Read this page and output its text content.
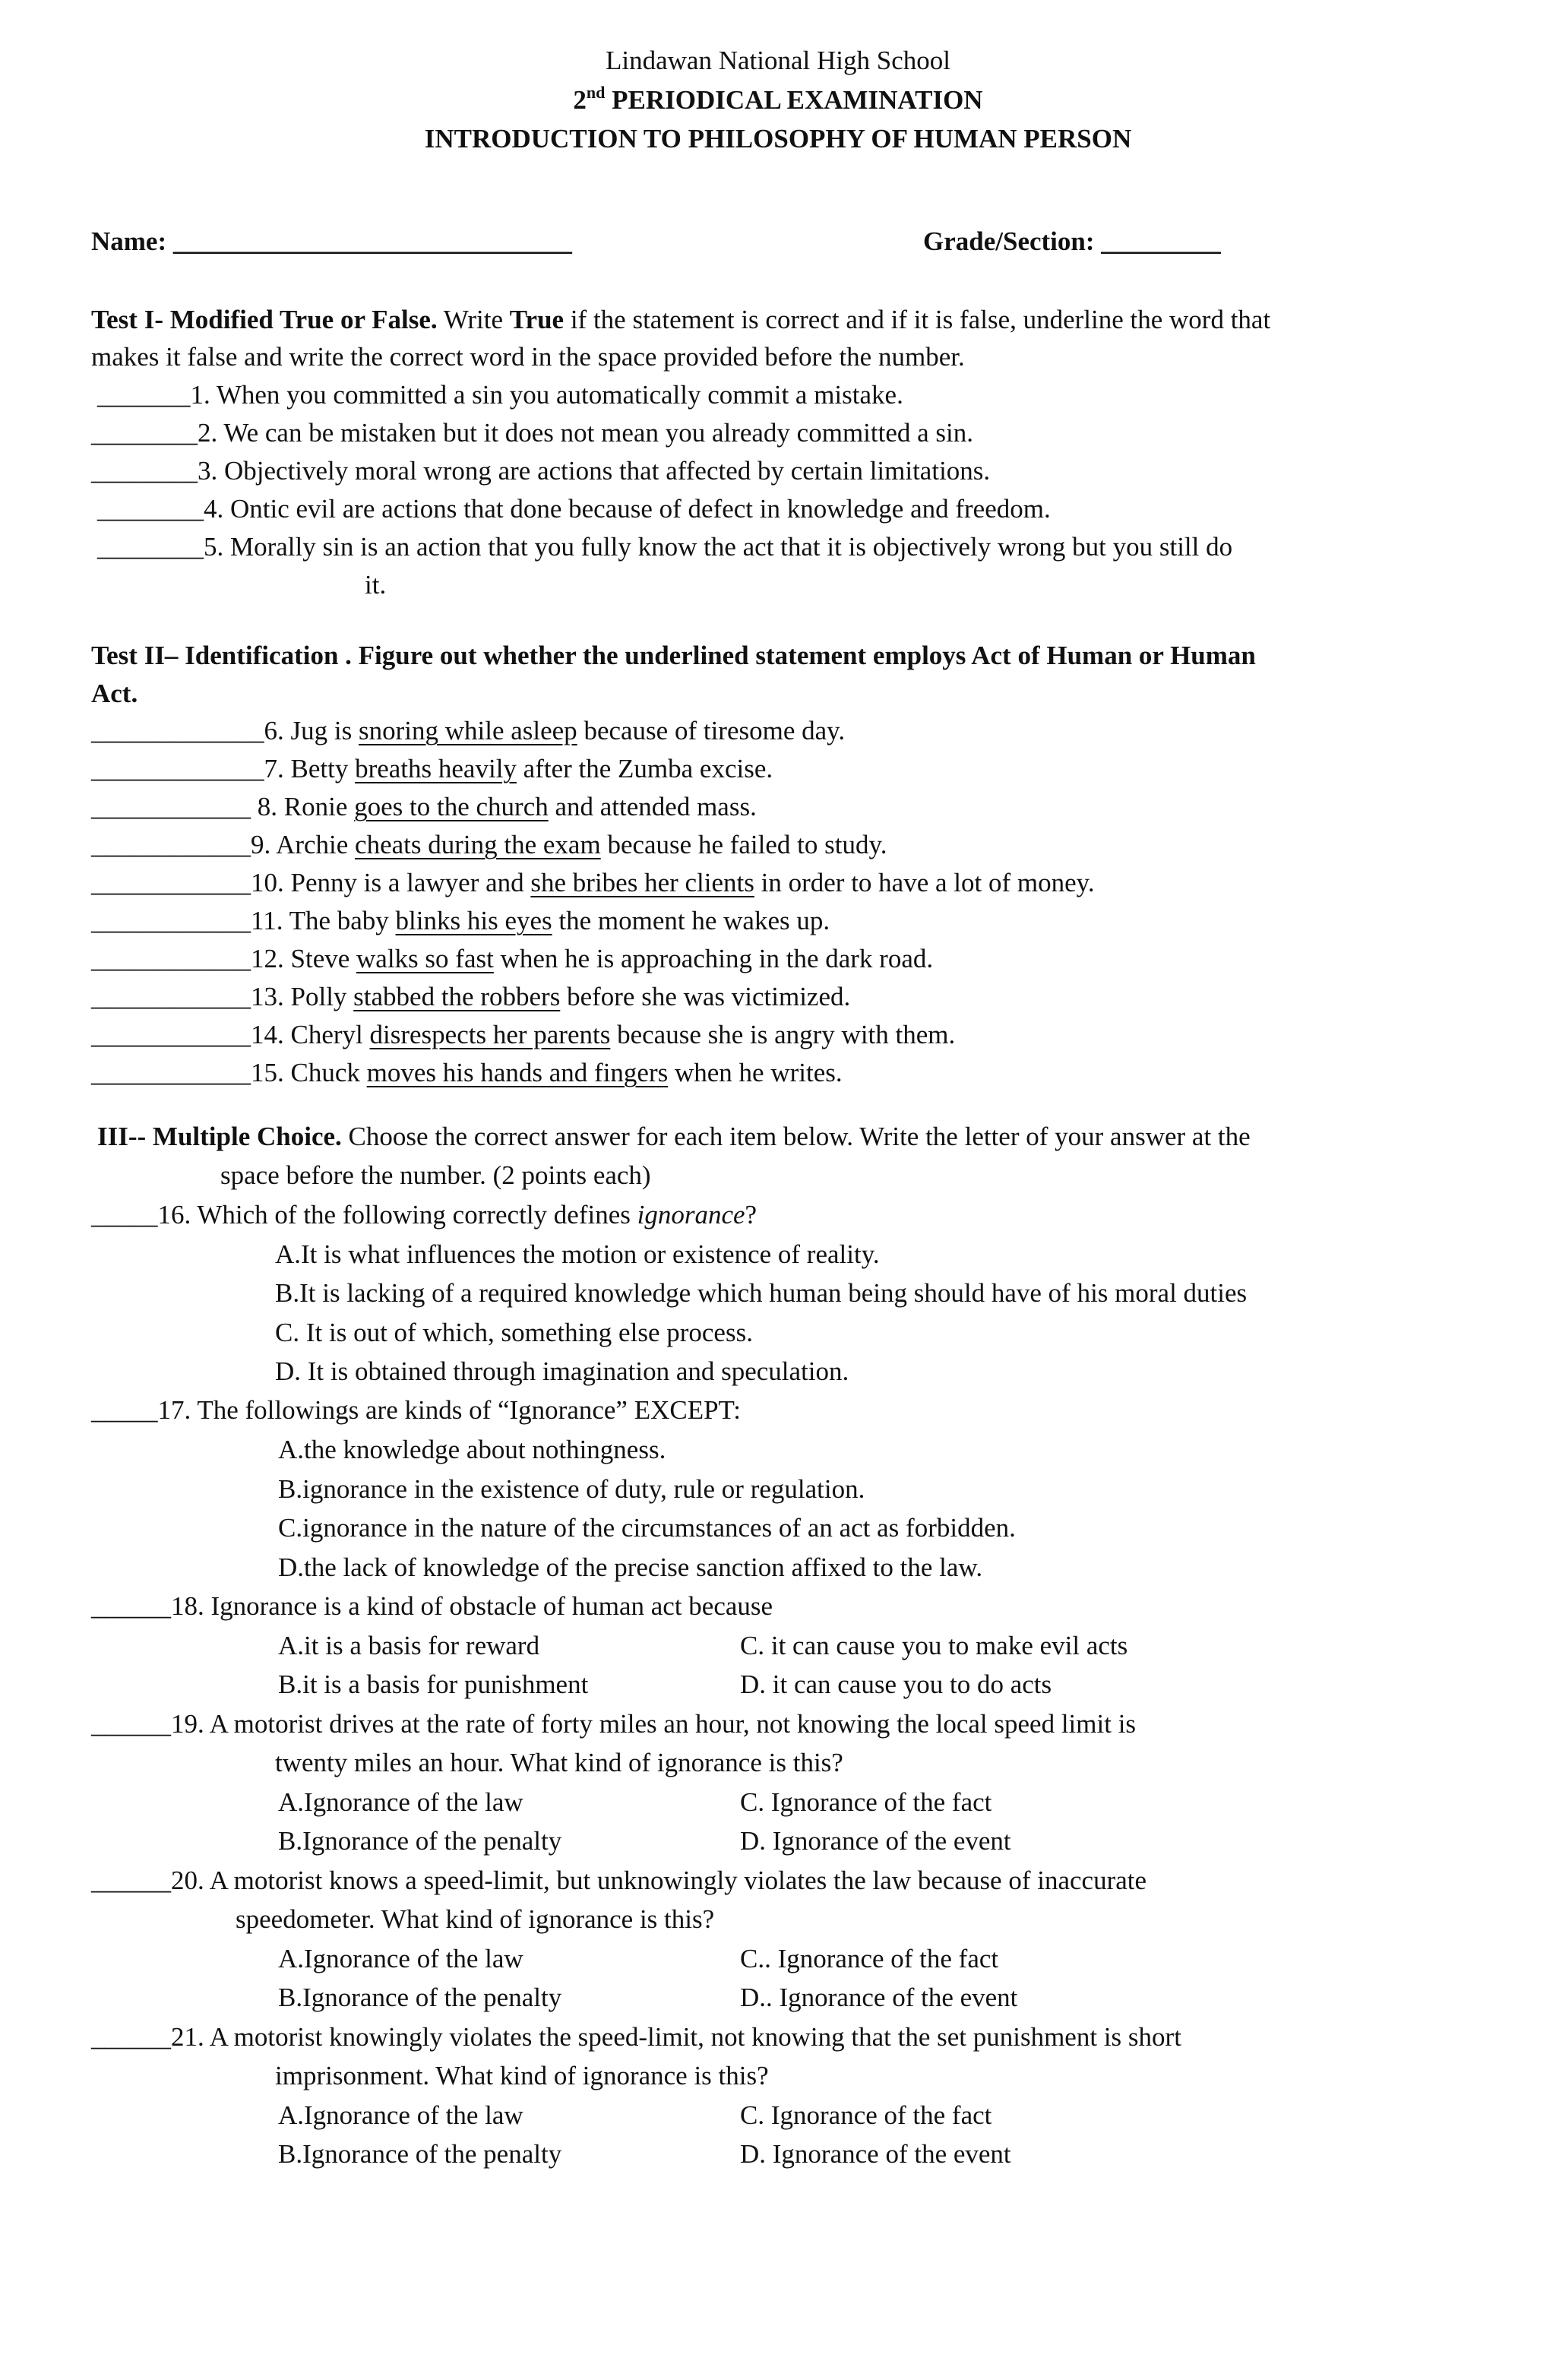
Lindawan National High School
2nd PERIODICAL EXAMINATION
INTRODUCTION TO PHILOSOPHY OF HUMAN PERSON
Name: ______________________________	Grade/Section: _________
Test I- Modified True or False. Write True if the statement is correct and if it is false, underline the word that
makes it false and write the correct word in the space provided before the number.
_______1. When you committed a sin you automatically commit a mistake.
________2. We can be mistaken but it does not mean you already committed a sin.
________3. Objectively moral wrong are actions that affected by certain limitations.
________4. Ontic evil are actions that done because of defect in knowledge and freedom.
________5. Morally sin is an action that you fully know the act that it is objectively wrong but you still do
it.
Test II– Identification . Figure out whether the underlined statement employs Act of Human or Human
Act.
_____________6. Jug is snoring while asleep because of tiresome day.
_____________7. Betty breaths heavily after the Zumba excise.
____________ 8. Ronie goes to the church and attended mass.
____________9. Archie cheats during the exam because he failed to study.
____________10. Penny is a lawyer and she bribes her clients in order to have a lot of money.
____________11. The baby blinks his eyes the moment he wakes up.
____________12. Steve walks so fast when he is approaching in the dark road.
____________13. Polly stabbed the robbers before she was victimized.
____________14. Cheryl disrespects her parents because she is angry with them.
____________15. Chuck moves his hands and fingers when he writes.
III-- Multiple Choice. Choose the correct answer for each item below. Write the letter of your answer at the
space before the number. (2 points each)
_____16. Which of the following correctly defines ignorance?
A.It is what influences the motion or existence of reality.
B.It is lacking of a required knowledge which human being should have of his moral duties
C. It is out of which, something else process.
D. It is obtained through imagination and speculation.
_____17. The followings are kinds of “Ignorance” EXCEPT:
A.the knowledge about nothingness.
B.ignorance in the existence of duty, rule or regulation.
C.ignorance in the nature of the circumstances of an act as forbidden.
D.the lack of knowledge of the precise sanction affixed to the law.
______18. Ignorance is a kind of obstacle of human act because
A.it is a basis for reward	C. it can cause you to make evil acts
B.it is a basis for punishment	D. it can cause you to do acts
______19. A motorist drives at the rate of forty miles an hour, not knowing the local speed limit is
twenty miles an hour. What kind of ignorance is this?
A.Ignorance of the law	C. Ignorance of the fact
B.Ignorance of the penalty	D. Ignorance of the event
______20. A motorist knows a speed-limit, but unknowingly violates the law because of inaccurate
speedometer. What kind of ignorance is this?
A.Ignorance of the law	C.. Ignorance of the fact
B.Ignorance of the penalty	D.. Ignorance of the event
______21. A motorist knowingly violates the speed-limit, not knowing that the set punishment is short
imprisonment. What kind of ignorance is this?
A.Ignorance of the law	C. Ignorance of the fact
B.Ignorance of the penalty	D. Ignorance of the event
